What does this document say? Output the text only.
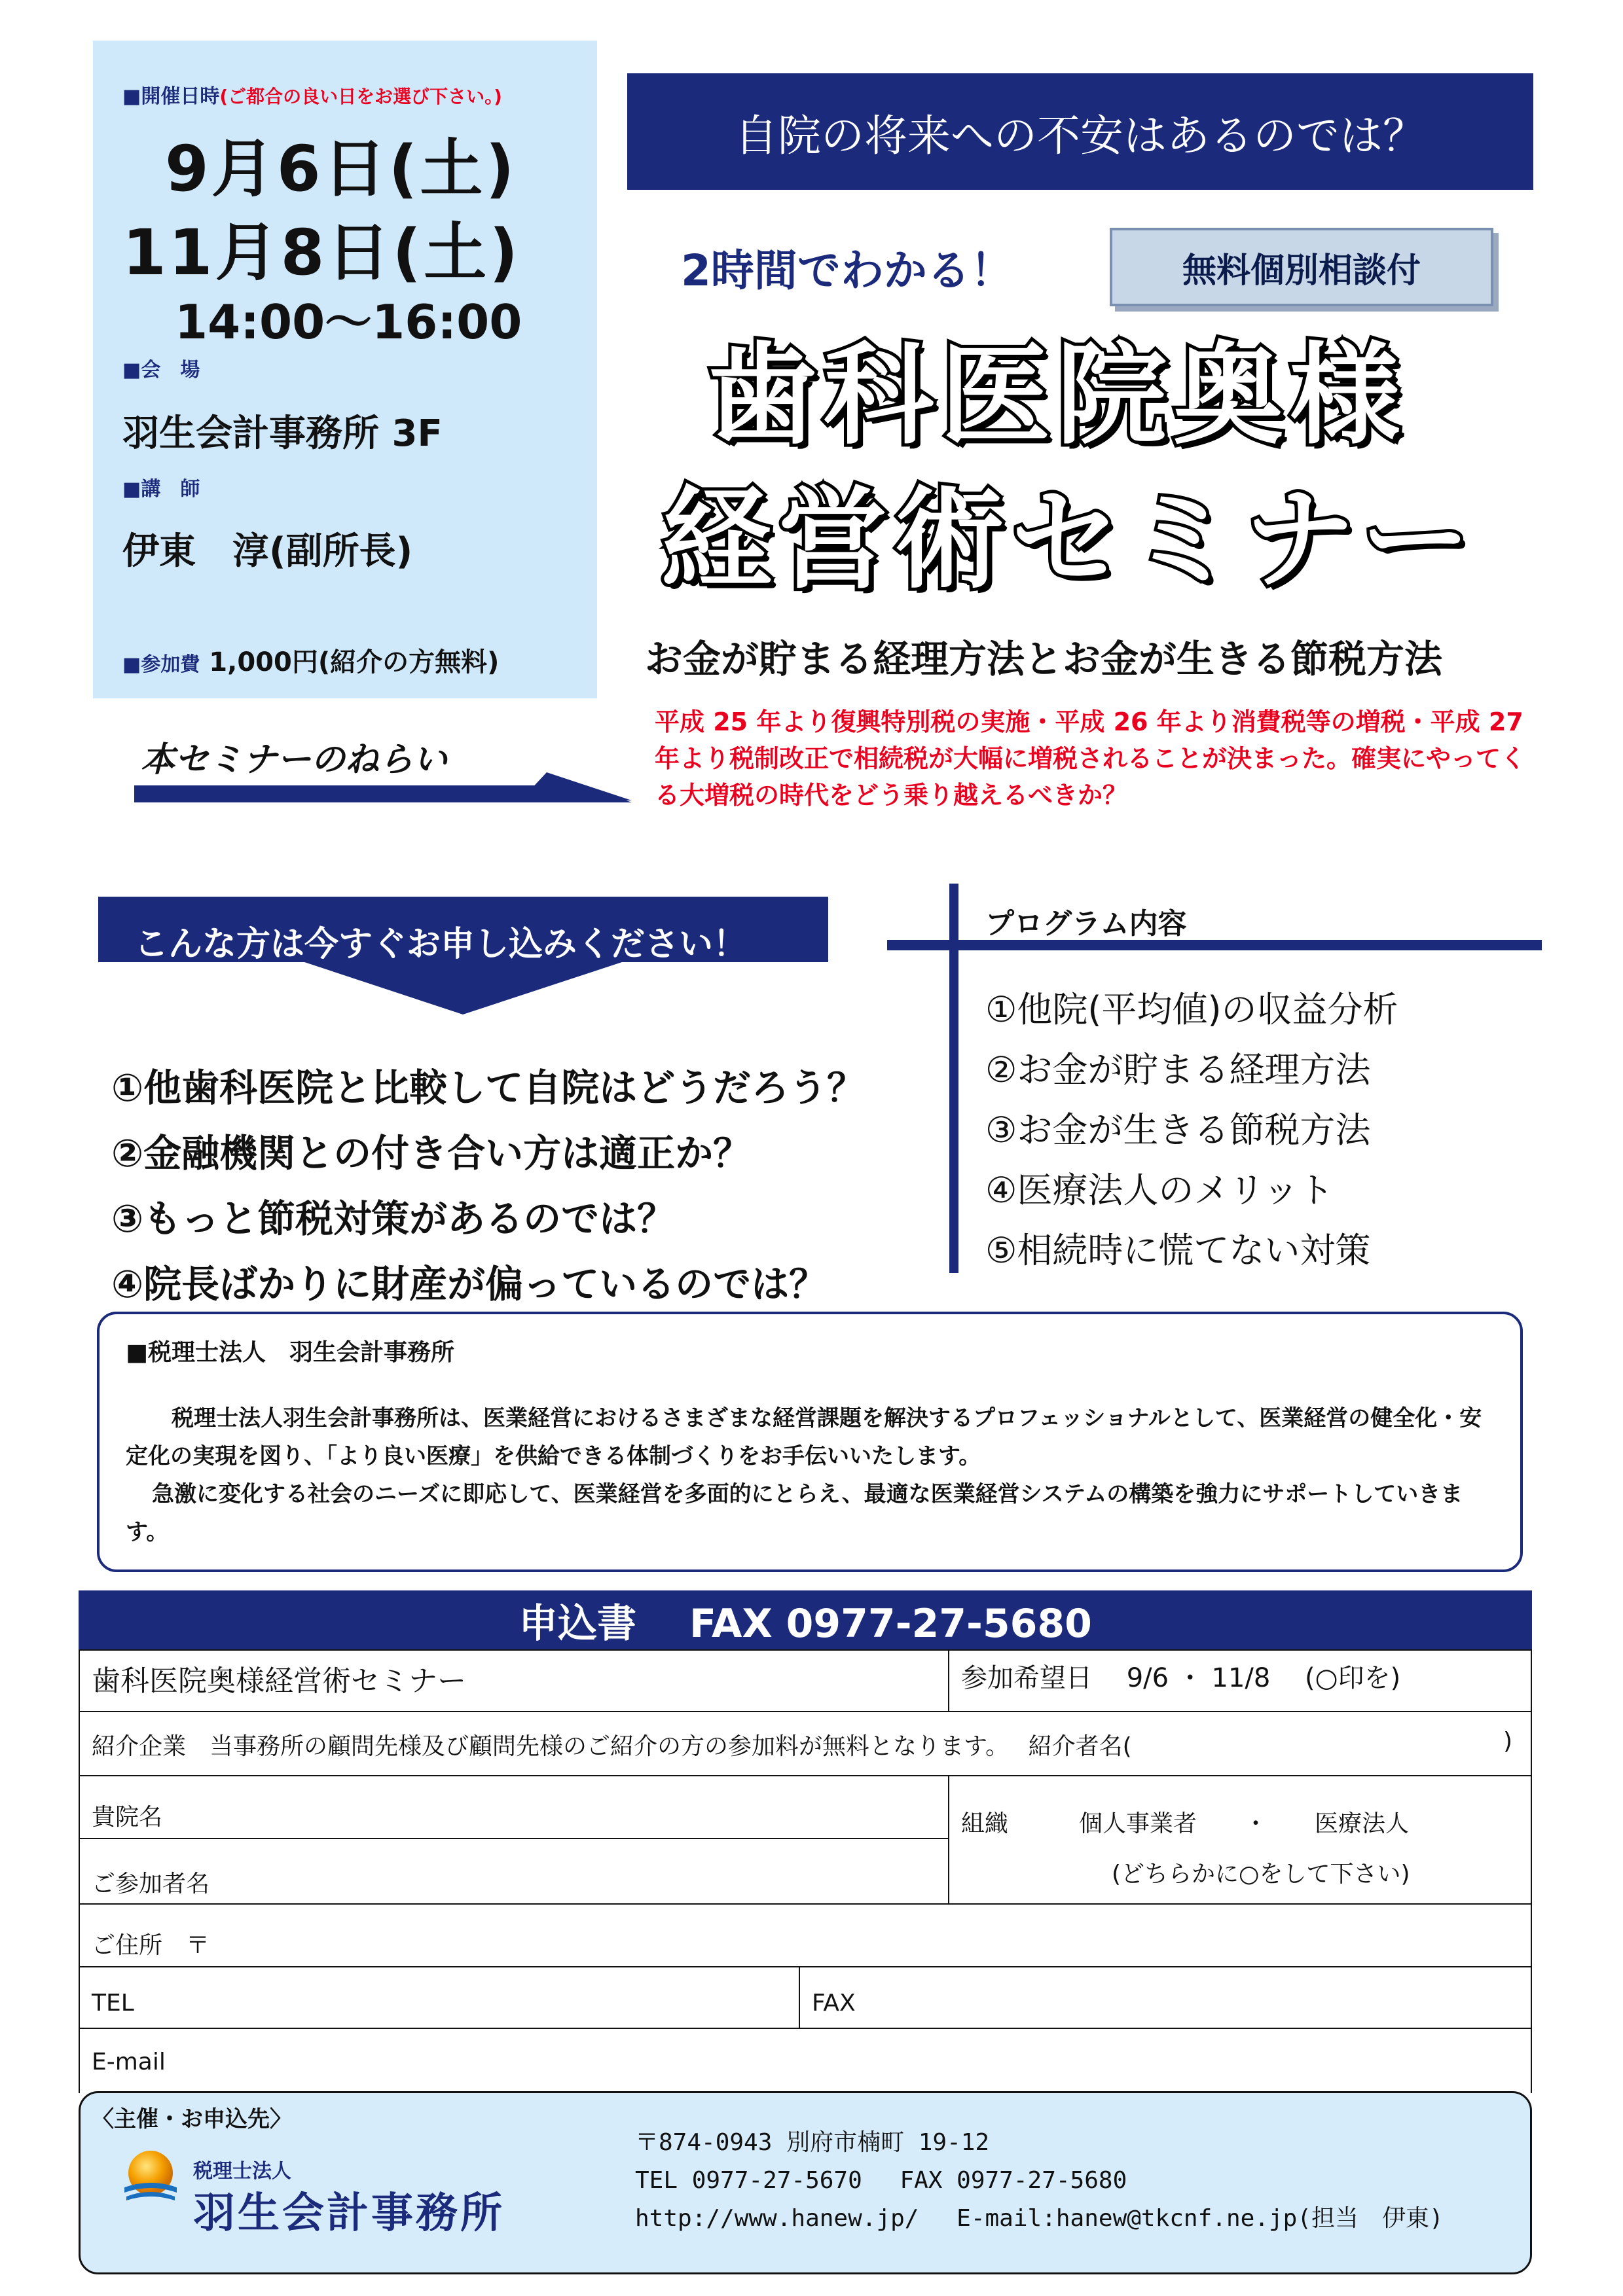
■開催日時(ご都合の良い日をお選び下さい。)
9月6日(土)
11月8日(土)
14:00〜16:00
■会　場
羽生会計事務所 3F
■講　師
伊東　淳(副所長)
■参加費 1,000円(紹介の方無料)
自院の将来への不安はあるのでは？
2時間でわかる！	無料個別相談付
歯科医院奥様
経営術セミナー
お金が貯まる経理方法とお金が生きる節税方法
本セミナーのねらい
平成 25 年より復興特別税の実施・平成 26 年より消費税等の増税・平成 27 年より税制改正で相続税が大幅に増税されることが決まった。確実にやってくる大増税の時代をどう乗り越えるべきか？
こんな方は今すぐお申し込みください！
①他歯科医院と比較して自院はどうだろう？
②金融機関との付き合い方は適正か？
③もっと節税対策があるのでは？
④院長ばかりに財産が偏っているのでは？
プログラム内容
①他院(平均値)の収益分析
②お金が貯まる経理方法
③お金が生きる節税方法
④医療法人のメリット
⑤相続時に慌てない対策
■税理士法人　羽生会計事務所
税理士法人羽生会計事務所は、医業経営におけるさまざまな経営課題を解決するプロフェッショナルとして、医業経営の健全化・安定化の実現を図り、「より良い医療」を供給できる体制づくりをお手伝いいたします。
急激に変化する社会のニーズに即応して、医業経営を多面的にとらえ、最適な医業経営システムの構築を強力にサポートしていきます。
申込書　 FAX 0977-27-5680
歯科医院奥様経営術セミナー	参加希望日　 9/6 ・ 11/8 　(○印を)
紹介企業　当事務所の顧問先様及び顧問先様のご紹介の方の参加料が無料となります。　 紹介者名(	)
貴院名
ご参加者名
組織　　　個人事業者　　・　　医療法人
(どちらかに○をして下さい)
ご住所　〒
TEL	FAX
E-mail
〈主催・お申込先〉
税理士法人
羽生会計事務所
〒874-0943 別府市楠町 19-12
TEL 0977-27-5670　 FAX 0977-27-5680
http://www.hanew.jp/　 E-mail:hanew@tkcnf.ne.jp(担当　伊東)
